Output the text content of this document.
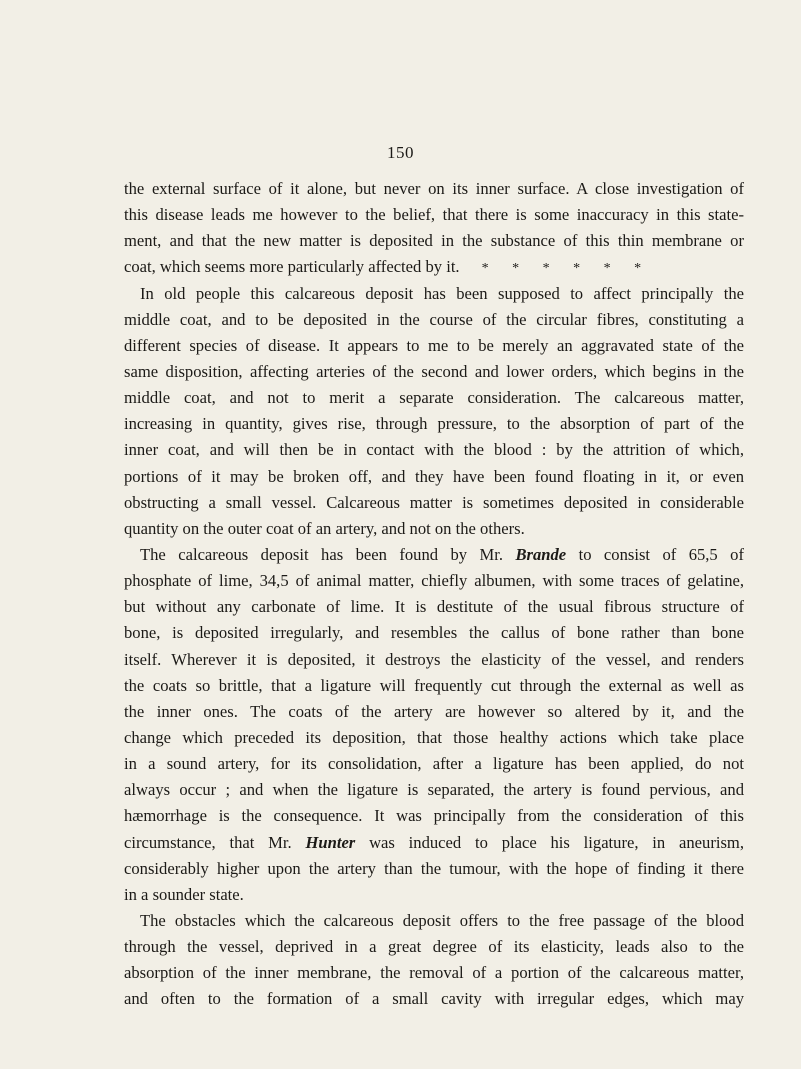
150
the external surface of it alone, but never on its inner surface. A close investigation of
this disease leads me however to the belief, that there is some inaccuracy in this state-
ment, and that the new matter is deposited in the substance of this thin membrane or
coat, which seems more particularly affected by it. * * * * * *
In old people this calcareous deposit has been supposed to affect principally the
middle coat, and to be deposited in the course of the circular fibres, constituting a
different species of disease. It appears to me to be merely an aggravated state of the
same disposition, affecting arteries of the second and lower orders, which begins in the
middle coat, and not to merit a separate consideration. The calcareous matter,
increasing in quantity, gives rise, through pressure, to the absorption of part of the
inner coat, and will then be in contact with the blood : by the attrition of which,
portions of it may be broken off, and they have been found floating in it, or even
obstructing a small vessel. Calcareous matter is sometimes deposited in considerable
quantity on the outer coat of an artery, and not on the others.
The calcareous deposit has been found by Mr. Brande to consist of 65,5 of
phosphate of lime, 34,5 of animal matter, chiefly albumen, with some traces of gelatine,
but without any carbonate of lime. It is destitute of the usual fibrous structure of
bone, is deposited irregularly, and resembles the callus of bone rather than bone
itself. Wherever it is deposited, it destroys the elasticity of the vessel, and renders
the coats so brittle, that a ligature will frequently cut through the external as well as
the inner ones. The coats of the artery are however so altered by it, and the
change which preceded its deposition, that those healthy actions which take place
in a sound artery, for its consolidation, after a ligature has been applied, do not
always occur ; and when the ligature is separated, the artery is found pervious, and
hæmorrhage is the consequence. It was principally from the consideration of this
circumstance, that Mr. Hunter was induced to place his ligature, in aneurism,
considerably higher upon the artery than the tumour, with the hope of finding it there
in a sounder state.
The obstacles which the calcareous deposit offers to the free passage of the blood
through the vessel, deprived in a great degree of its elasticity, leads also to the
absorption of the inner membrane, the removal of a portion of the calcareous matter,
and often to the formation of a small cavity with irregular edges, which may
